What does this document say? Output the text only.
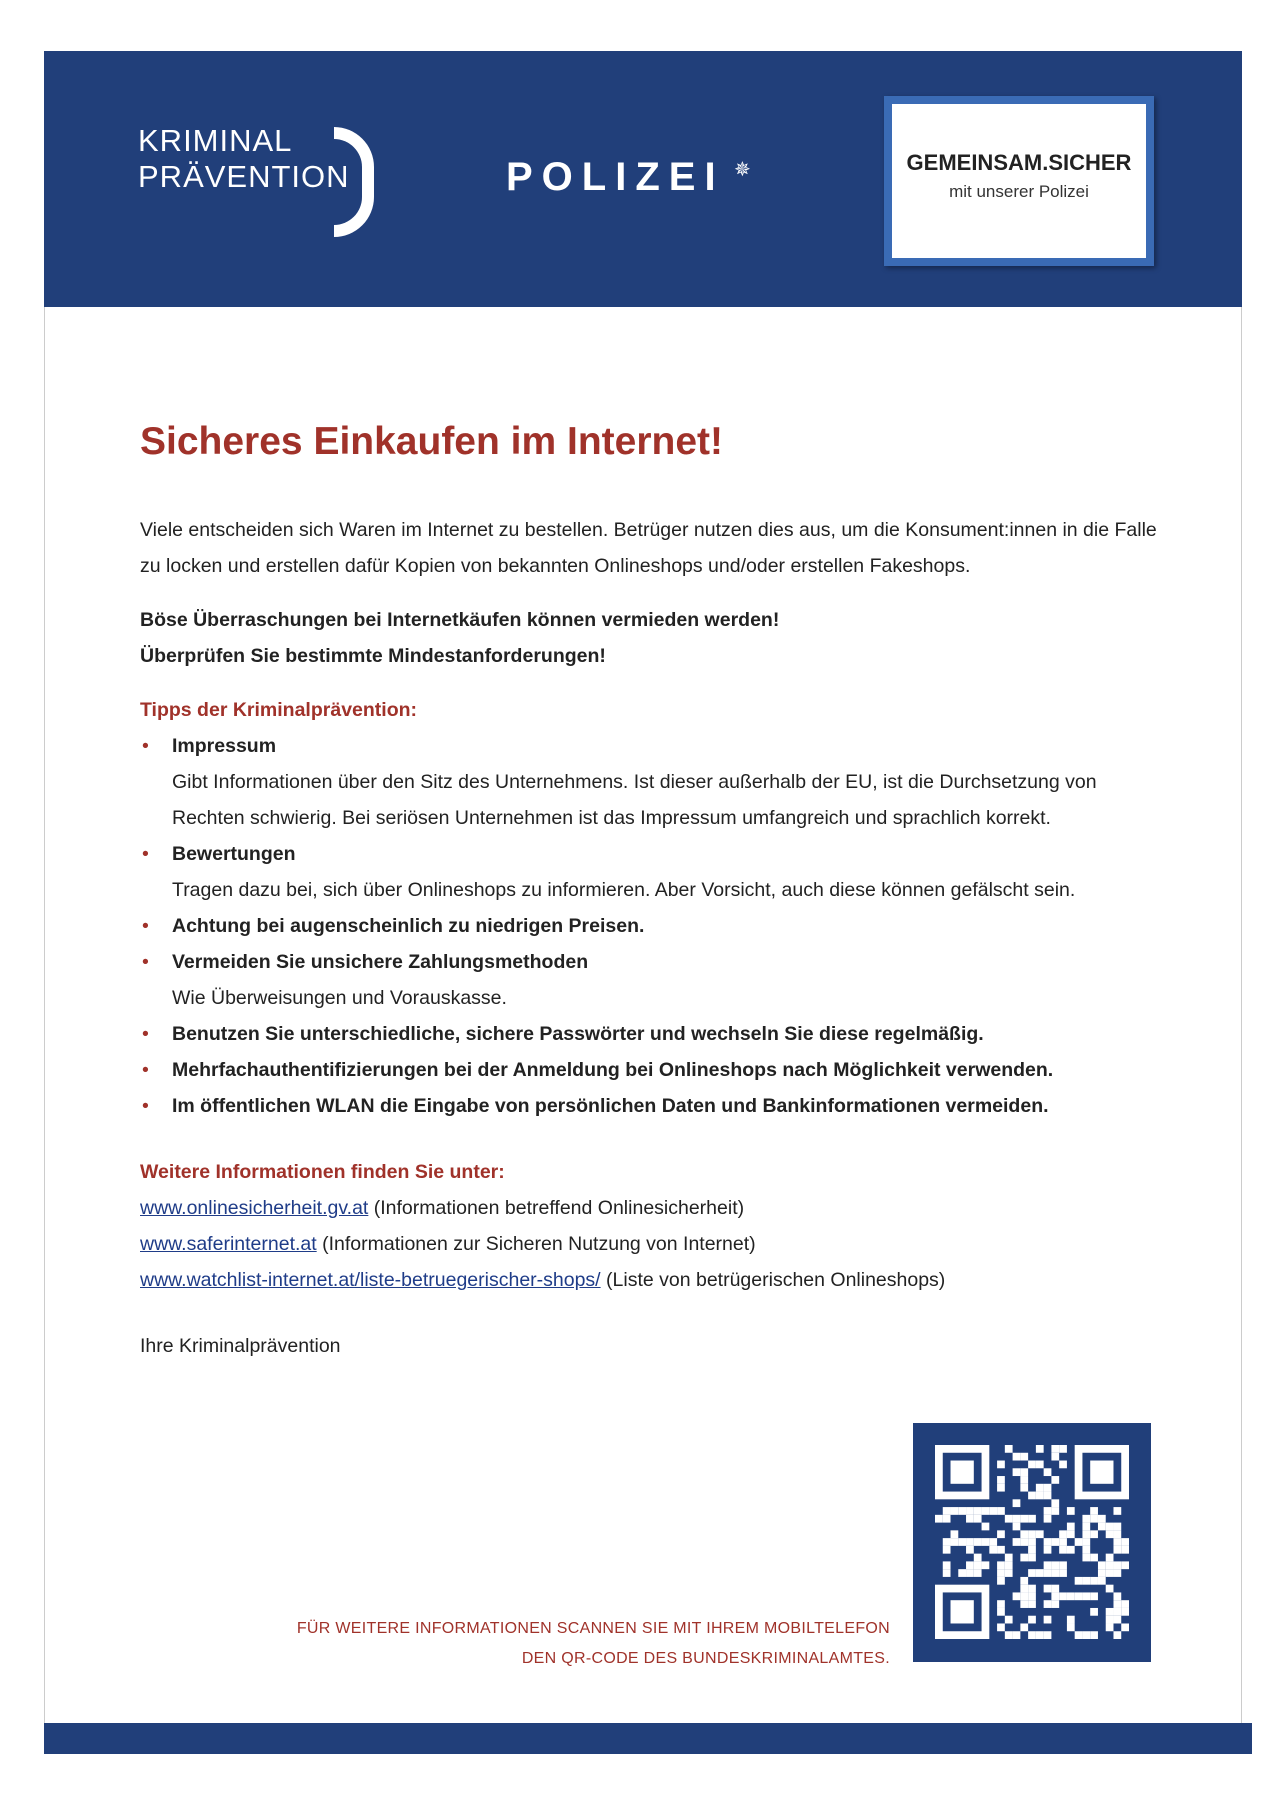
KRIMINAL
PRÄVENTION	POLIZEI ✵	GEMEINSAM.SICHER
mit unserer Polizei
Sicheres Einkaufen im Internet!

Viele entscheiden sich Waren im Internet zu bestellen. Betrüger nutzen dies aus, um die Konsument:innen in die Falle zu locken und erstellen dafür Kopien von bekannten Onlineshops und/oder erstellen Fakeshops.

Böse Überraschungen bei Internetkäufen können vermieden werden!
Überprüfen Sie bestimmte Mindestanforderungen!

Tipps der Kriminalprävention:
• Impressum
Gibt Informationen über den Sitz des Unternehmens. Ist dieser außerhalb der EU, ist die Durchsetzung von Rechten schwierig. Bei seriösen Unternehmen ist das Impressum umfangreich und sprachlich korrekt.
• Bewertungen
Tragen dazu bei, sich über Onlineshops zu informieren. Aber Vorsicht, auch diese können gefälscht sein.
• Achtung bei augenscheinlich zu niedrigen Preisen.
• Vermeiden Sie unsichere Zahlungsmethoden
Wie Überweisungen und Vorauskasse.
• Benutzen Sie unterschiedliche, sichere Passwörter und wechseln Sie diese regelmäßig.
• Mehrfachauthentifizierungen bei der Anmeldung bei Onlineshops nach Möglichkeit verwenden.
• Im öffentlichen WLAN die Eingabe von persönlichen Daten und Bankinformationen vermeiden.
Weitere Informationen finden Sie unter:
www.onlinesicherheit.gv.at (Informationen betreffend Onlinesicherheit)
www.saferinternet.at (Informationen zur Sicheren Nutzung von Internet)
www.watchlist-internet.at/liste-betruegerischer-shops/ (Liste von betrügerischen Onlineshops)
Ihre Kriminalprävention
FÜR WEITERE INFORMATIONEN SCANNEN SIE MIT IHREM MOBILTELEFON
DEN QR-CODE DES BUNDESKRIMINALAMTES.
